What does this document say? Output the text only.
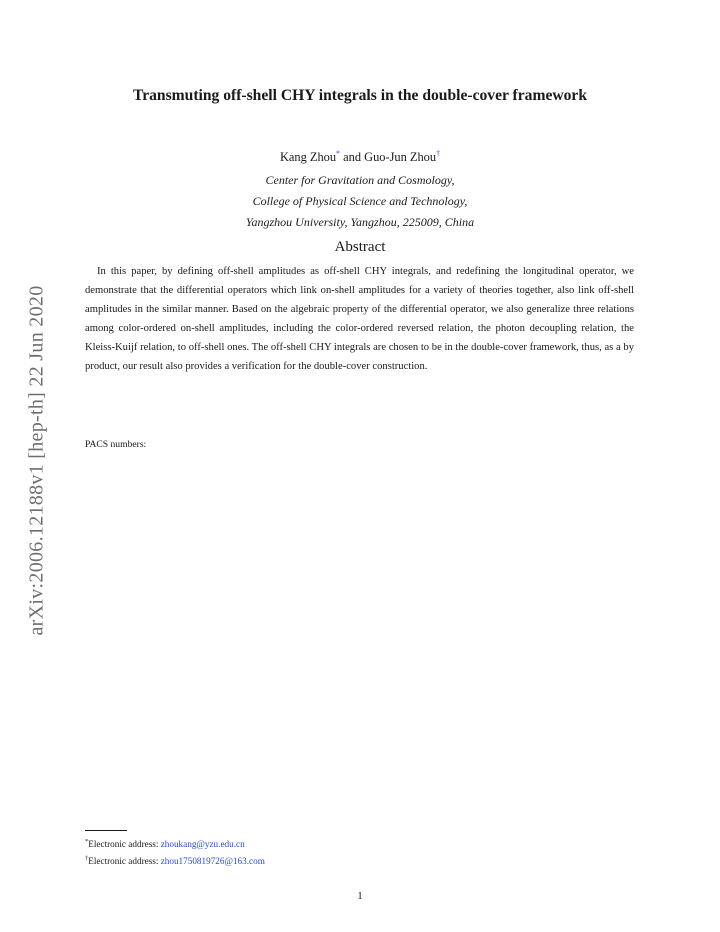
arXiv:2006.12188v1 [hep-th] 22 Jun 2020
Transmuting off-shell CHY integrals in the double-cover framework
Kang Zhou* and Guo-Jun Zhou†
Center for Gravitation and Cosmology,
College of Physical Science and Technology,
Yangzhou University, Yangzhou, 225009, China
Abstract

In this paper, by defining off-shell amplitudes as off-shell CHY integrals, and redefining the longitudinal operator, we demonstrate that the differential operators which link on-shell amplitudes for a variety of theories together, also link off-shell amplitudes in the similar manner. Based on the algebraic property of the differential operator, we also generalize three relations among color-ordered on-shell amplitudes, including the color-ordered reversed relation, the photon decoupling relation, the Kleiss-Kuijf relation, to off-shell ones. The off-shell CHY integrals are chosen to be in the double-cover framework, thus, as a by product, our result also provides a verification for the double-cover construction.

PACS numbers:
*Electronic address: zhoukang@yzu.edu.cn
†Electronic address: zhou1750819726@163.com
1
